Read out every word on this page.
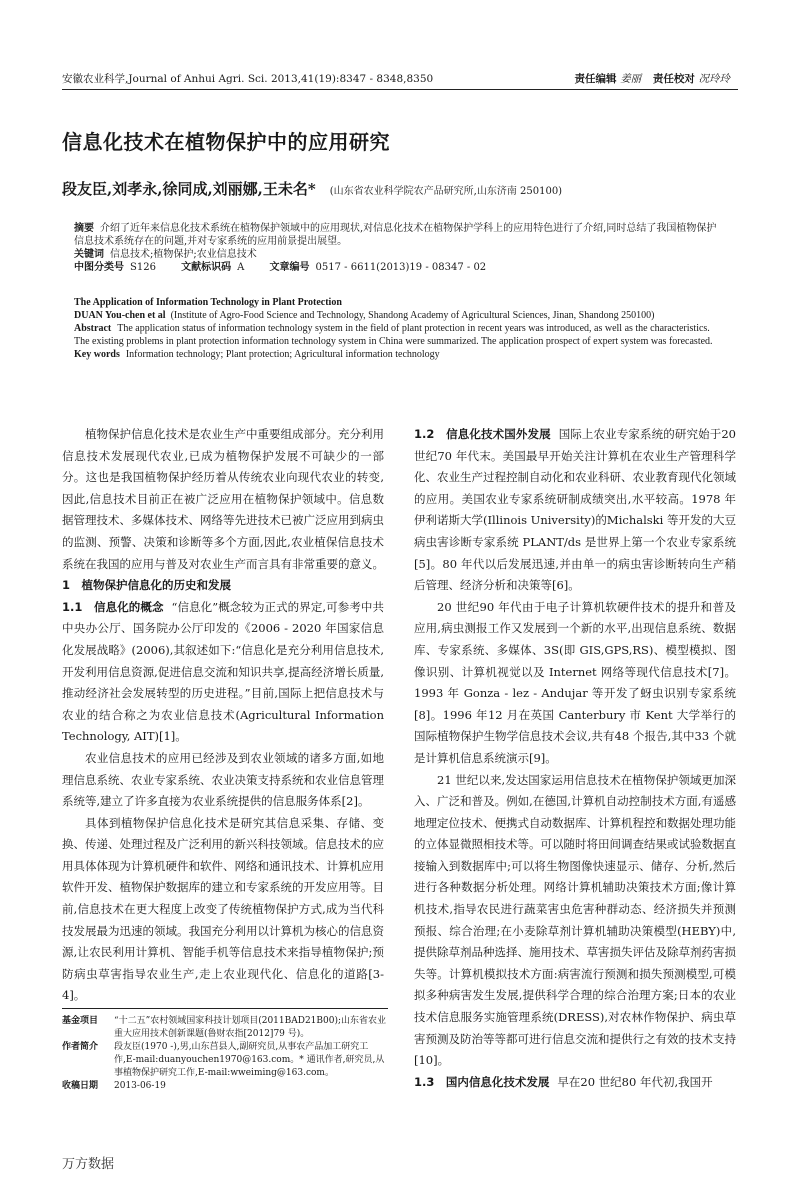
安徽农业科学,Journal of Anhui Agri. Sci. 2013,41(19):8347 - 8348,8350	责任编辑 姜丽 责任校对 况玲玲
信息化技术在植物保护中的应用研究
段友臣,刘孝永,徐同成,刘丽娜,王未名* (山东省农业科学院农产品研究所,山东济南 250100)
摘要 介绍了近年来信息化技术系统在植物保护领域中的应用现状,对信息化技术在植物保护学科上的应用特色进行了介绍,同时总结了我国植物保护信息技术系统存在的问题,并对专家系统的应用前景提出展望。
关键词 信息技术;植物保护;农业信息技术
中图分类号 S126	文献标识码 A	文章编号 0517 - 6611(2013)19 - 08347 - 02
The Application of Information Technology in Plant Protection
DUAN You-chen et al (Institute of Agro-Food Science and Technology, Shandong Academy of Agricultural Sciences, Jinan, Shandong 250100)
Abstract The application status of information technology system in the field of plant protection in recent years was introduced, as well as the characteristics. The existing problems in plant protection information technology system in China were summarized. The application prospect of expert system was forecasted.
Key words Information technology; Plant protection; Agricultural information technology

植物保护信息化技术是农业生产中重要组成部分。充分利用信息技术发展现代农业,已成为植物保护发展不可缺少的一部分。这也是我国植物保护经历着从传统农业向现代农业的转变,因此,信息技术目前正在被广泛应用在植物保护领域中。信息数据管理技术、多媒体技术、网络等先进技术已被广泛应用到病虫的监测、预警、决策和诊断等多个方面,因此,农业植保信息技术系统在我国的应用与普及对农业生产而言具有非常重要的意义。

1　植物保护信息化的历史和发展

1.1　信息化的概念 “信息化”概念较为正式的界定,可参考中共中央办公厅、国务院办公厅印发的《2006 - 2020 年国家信息化发展战略》(2006),其叙述如下:“信息化是充分利用信息技术,开发利用信息资源,促进信息交流和知识共享,提高经济增长质量,推动经济社会发展转型的历史进程。”目前,国际上把信息技术与农业的结合称之为农业信息技术(Agricultural Information Technology, AIT)[1]。

农业信息技术的应用已经涉及到农业领域的诸多方面,如地理信息系统、农业专家系统、农业决策支持系统和农业信息管理系统等,建立了许多直接为农业系统提供的信息服务体系[2]。

具体到植物保护信息化技术是研究其信息采集、存储、变换、传递、处理过程及广泛利用的新兴科技领域。信息技术的应用具体体现为计算机硬件和软件、网络和通讯技术、计算机应用软件开发、植物保护数据库的建立和专家系统的开发应用等。目前,信息技术在更大程度上改变了传统植物保护方式,成为当代科技发展最为迅速的领域。我国充分利用以计算机为核心的信息资源,让农民利用计算机、智能手机等信息技术来指导植物保护;预防病虫草害指导农业生产,走上农业现代化、信息化的道路[3-4]。

1.2　信息化技术国外发展 国际上农业专家系统的研究始于20 世纪70 年代末。美国最早开始关注计算机在农业生产管理科学化、农业生产过程控制自动化和农业科研、农业教育现代化领域的应用。美国农业专家系统研制成绩突出,水平较高。1978 年伊利诺斯大学(Illinois University)的Michalski 等开发的大豆病虫害诊断专家系统 PLANT/ds 是世界上第一个农业专家系统[5]。80 年代以后发展迅速,并由单一的病虫害诊断转向生产稍后管理、经济分析和决策等[6]。

20 世纪90 年代由于电子计算机软硬件技术的提升和普及应用,病虫测报工作又发展到一个新的水平,出现信息系统、数据库、专家系统、多媒体、3S(即 GIS,GPS,RS)、模型模拟、图像识别、计算机视觉以及 Internet 网络等现代信息技术[7]。1993 年 Gonza - lez - Andujar 等开发了蚜虫识别专家系统[8]。1996 年12 月在英国 Canterbury 市 Kent 大学举行的国际植物保护生物学信息技术会议,共有48 个报告,其中33 个就是计算机信息系统演示[9]。

21 世纪以来,发达国家运用信息技术在植物保护领域更加深入、广泛和普及。例如,在德国,计算机自动控制技术方面,有遥感地理定位技术、便携式自动数据库、计算机程控和数据处理功能的立体显微照相技术等。可以随时将田间调查结果或试验数据直接输入到数据库中;可以将生物图像快速显示、储存、分析,然后进行各种数据分析处理。网络计算机辅助决策技术方面;像计算机技术,指导农民进行蔬菜害虫危害种群动态、经济损失并预测预报、综合治理;在小麦除草剂计算机辅助决策模型(HEBY)中,提供除草剂品种选择、施用技术、草害损失评估及除草剂药害损失等。计算机模拟技术方面:病害流行预测和损失预测模型,可模拟多种病害发生发展,提供科学合理的综合治理方案;日本的农业技术信息服务实施管理系统(DRESS),对农林作物保护、病虫草害预测及防治等等都可进行信息交流和提供行之有效的技术支持[10]。

1.3　国内信息化技术发展 早在20 世纪80 年代初,我国开

基金项目	“十二五”农村领域国家科技计划项目(2011BAD21B00);山东省农业重大应用技术创新课题(鲁财农指[2012]79 号)。
作者简介	段友臣(1970 -),男,山东莒县人,副研究员,从事农产品加工研究工作,E-mail:duanyouchen1970@163.com。* 通讯作者,研究员,从事植物保护研究工作,E-mail:wweiming@163.com。
收稿日期	2013-06-19
万方数据
